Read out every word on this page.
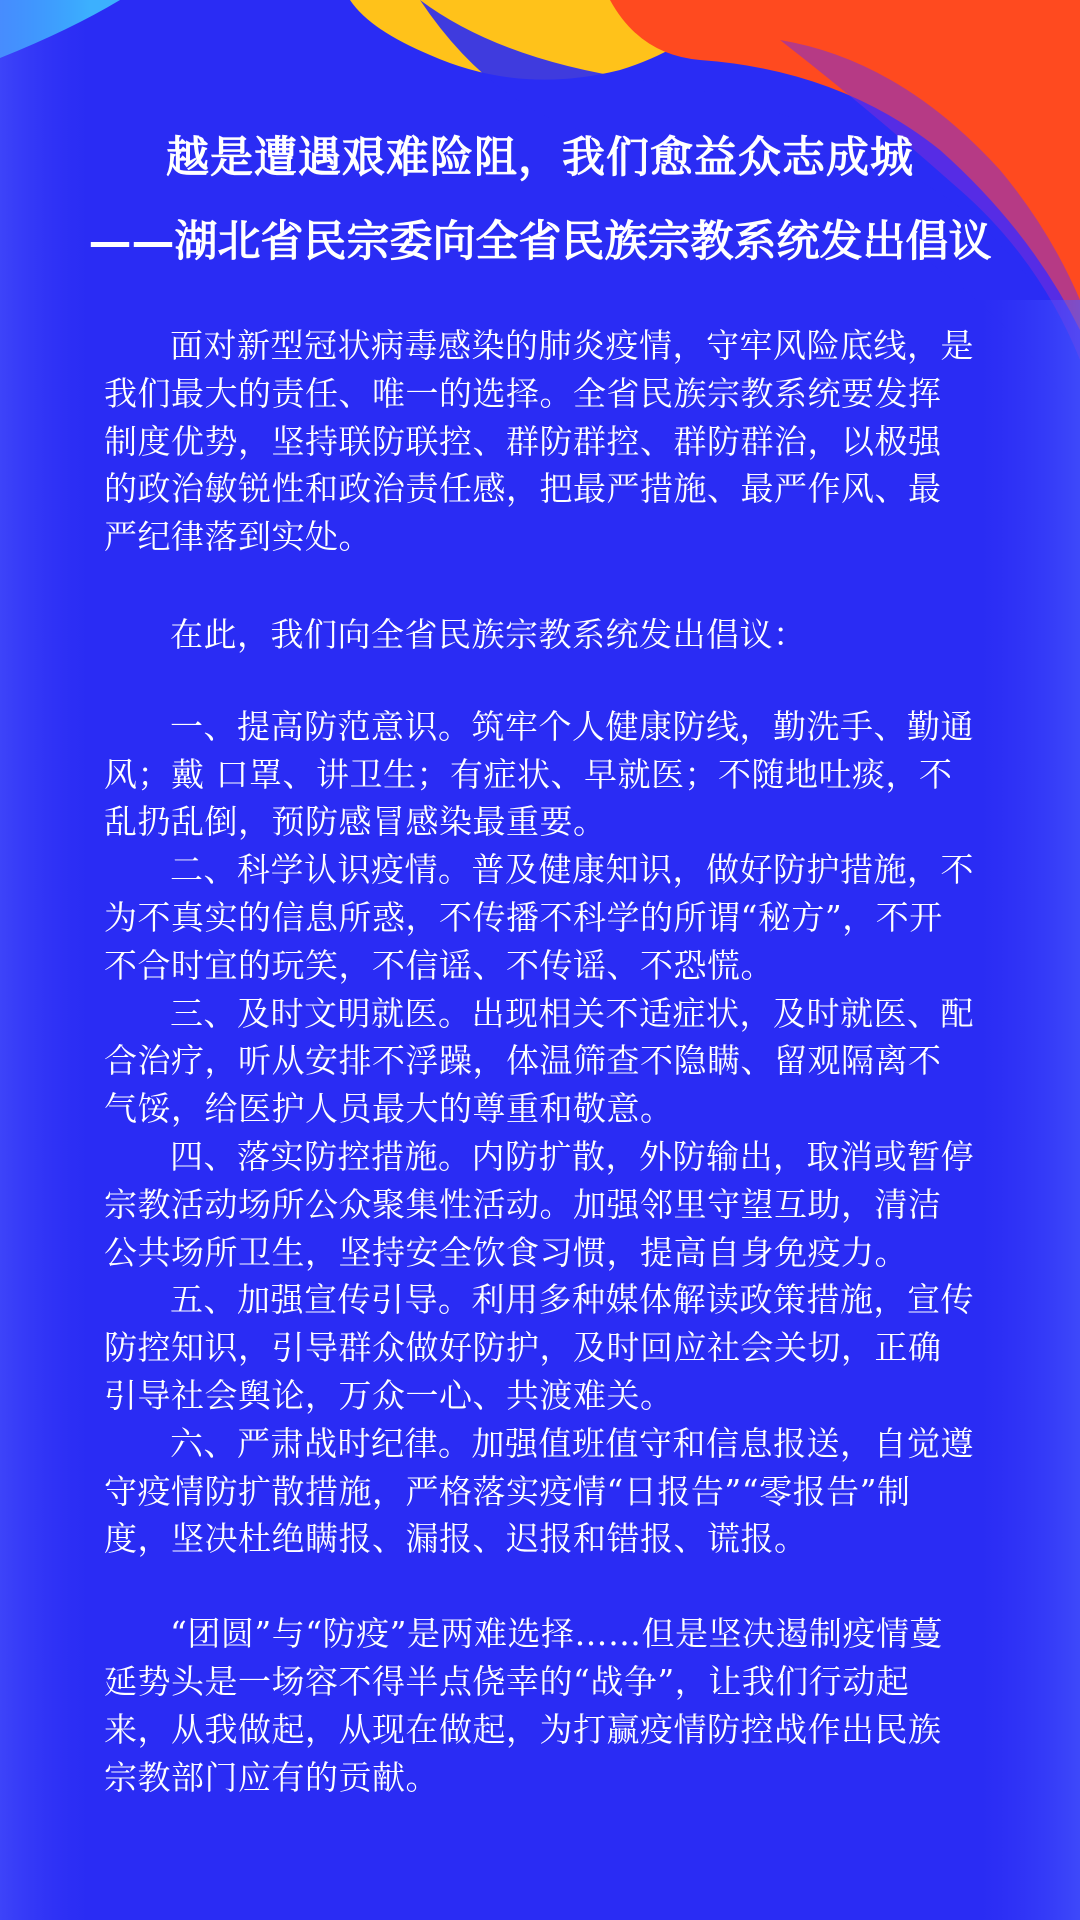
越是遭遇艰难险阻，我们愈益众志成城
——湖北省民宗委向全省民族宗教系统发出倡议

面对新型冠状病毒感染的肺炎疫情，守牢风险底线，是我们最大的责任、唯一的选择。全省民族宗教系统要发挥制度优势，坚持联防联控、群防群控、群防群治，以极强的政治敏锐性和政治责任感，把最严措施、最严作风、最严纪律落到实处。

在此，我们向全省民族宗教系统发出倡议：

一、提高防范意识。筑牢个人健康防线，勤洗手、勤通风；戴 口罩、讲卫生；有症状、早就医；不随地吐痰，不乱扔乱倒，预防感冒感染最重要。

二、科学认识疫情。普及健康知识，做好防护措施，不为不真实的信息所惑，不传播不科学的所谓“秘方”，不开不合时宜的玩笑，不信谣、不传谣、不恐慌。

三、及时文明就医。出现相关不适症状，及时就医、配合治疗，听从安排不浮躁，体温筛查不隐瞒、留观隔离不气馁，给医护人员最大的尊重和敬意。

四、落实防控措施。内防扩散，外防输出，取消或暂停宗教活动场所公众聚集性活动。加强邻里守望互助，清洁公共场所卫生，坚持安全饮食习惯，提高自身免疫力。

五、加强宣传引导。利用多种媒体解读政策措施，宣传防控知识，引导群众做好防护，及时回应社会关切，正确引导社会舆论，万众一心、共渡难关。

六、严肃战时纪律。加强值班值守和信息报送，自觉遵守疫情防扩散措施，严格落实疫情“日报告”“零报告”制度，坚决杜绝瞒报、漏报、迟报和错报、谎报。

“团圆”与“防疫”是两难选择……但是坚决遏制疫情蔓延势头是一场容不得半点侥幸的“战争”，让我们行动起来，从我做起，从现在做起，为打赢疫情防控战作出民族宗教部门应有的贡献。
